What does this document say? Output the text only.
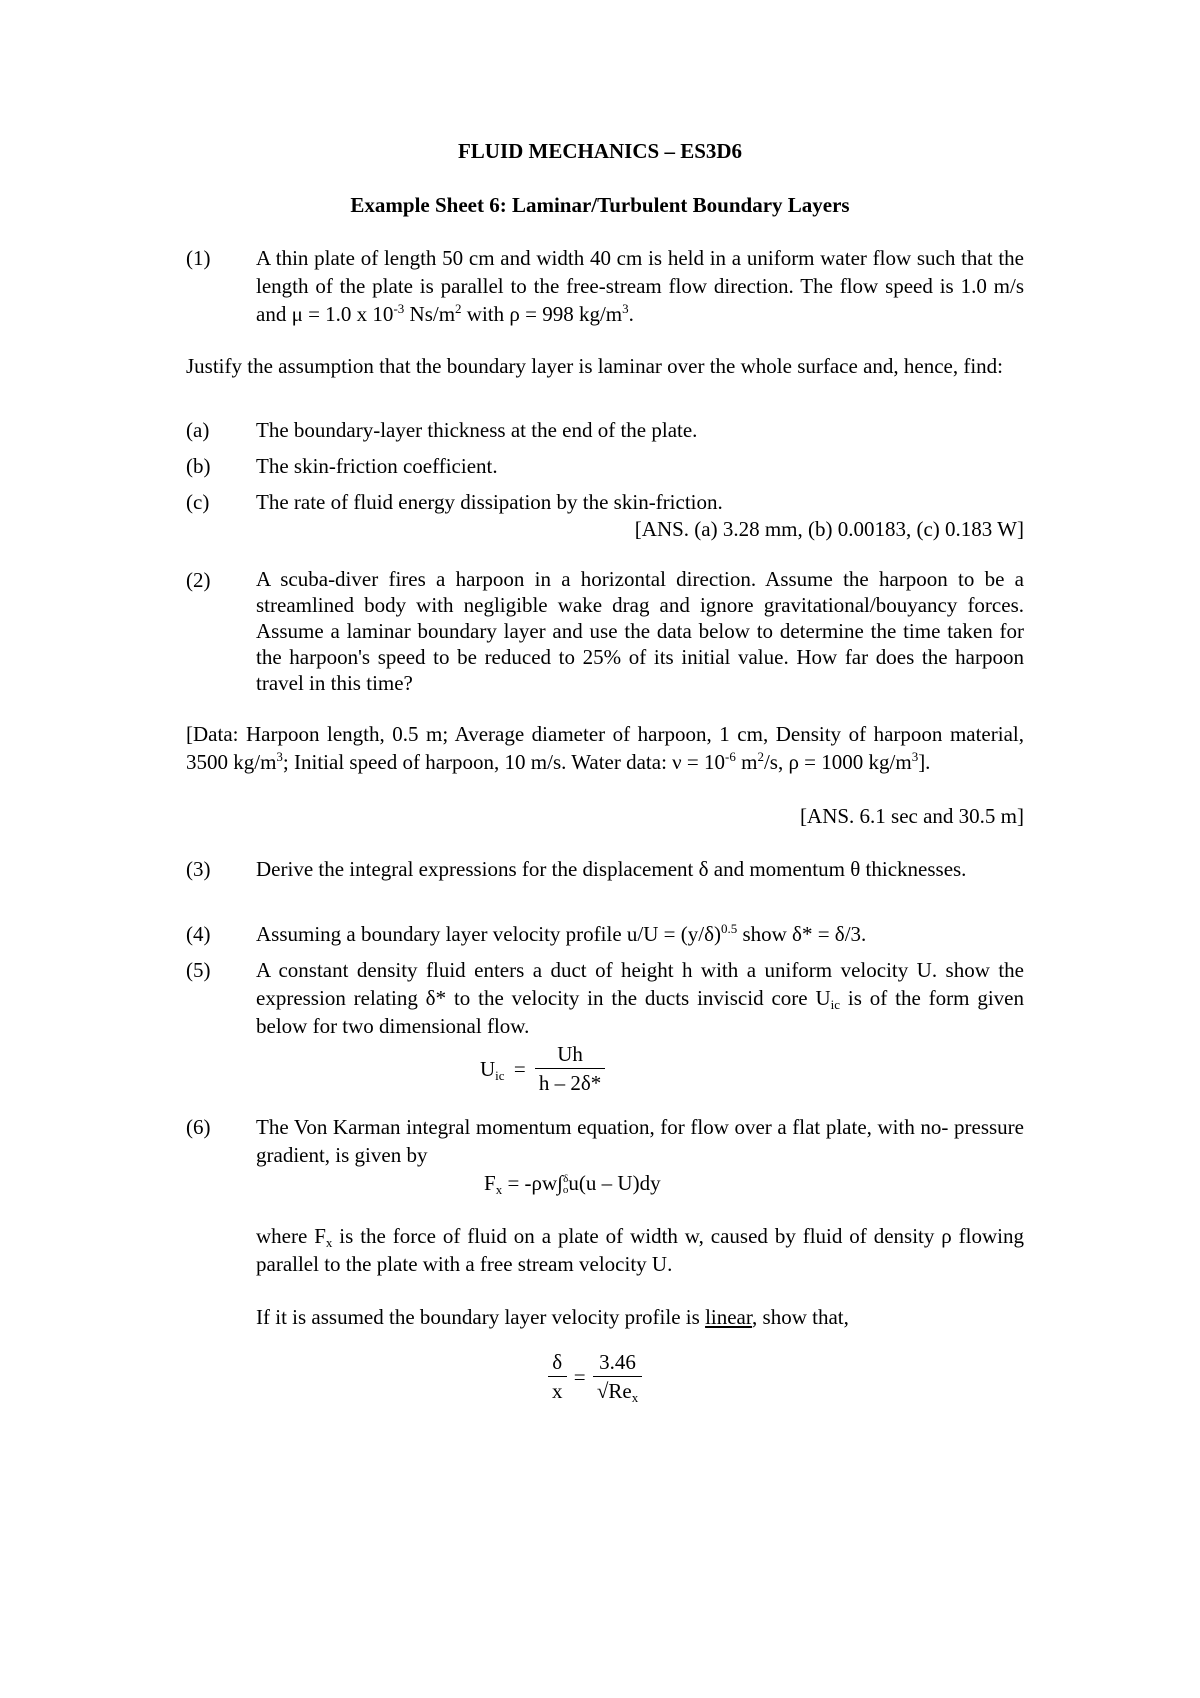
FLUID MECHANICS – ES3D6
Example Sheet 6: Laminar/Turbulent Boundary Layers
(1) A thin plate of length 50 cm and width 40 cm is held in a uniform water flow such that the length of the plate is parallel to the free-stream flow direction. The flow speed is 1.0 m/s and μ = 1.0 x $10^{-3}$ $Ns/m^2$ with ρ = 998 $kg/m^3$.
Justify the assumption that the boundary layer is laminar over the whole surface and, hence, find:
(a) The boundary-layer thickness at the end of the plate.
(b) The skin-friction coefficient.
(c) The rate of fluid energy dissipation by the skin-friction.
[ANS. (a) 3.28 mm, (b) 0.00183, (c) 0.183 W]
(2) A scuba-diver fires a harpoon in a horizontal direction. Assume the harpoon to be a streamlined body with negligible wake drag and ignore gravitational/bouyancy forces. Assume a laminar boundary layer and use the data below to determine the time taken for the harpoon's speed to be reduced to 25% of its initial value. How far does the harpoon travel in this time?
[Data: Harpoon length, 0.5 m; Average diameter of harpoon, 1 cm, Density of harpoon material, 3500 $kg/m^3$; Initial speed of harpoon, 10 m/s. Water data: $\nu = 10^{-6}$ $m^2/s$, ρ = 1000 $kg/m^3$].
[ANS. 6.1 sec and 30.5 m]
(3) Derive the integral expressions for the displacement δ and momentum θ thicknesses.
(4) Assuming a boundary layer velocity profile $u/U = (y/\delta)^{0.5}$ show δ* = δ/3.
(5) A constant density fluid enters a duct of height h with a uniform velocity U. show the expression relating δ* to the velocity in the ducts inviscid core $U_{ic}$ is of the form given below for two dimensional flow.
$U_{ic} = \frac{Uh}{h - 2\delta*}$
(6) The Von Karman integral momentum equation, for flow over a flat plate, with no- pressure gradient, is given by
$F_x = -\rho w\int$ δ
o u(u – U)dy
where $F_x$ is the force of fluid on a plate of width w, caused by fluid of density ρ flowing parallel to the plate with a free stream velocity U.
If it is assumed the boundary layer velocity profile is linear, show that,
$\frac{\delta}{x} = \frac{3.46}{√Re_x}$
